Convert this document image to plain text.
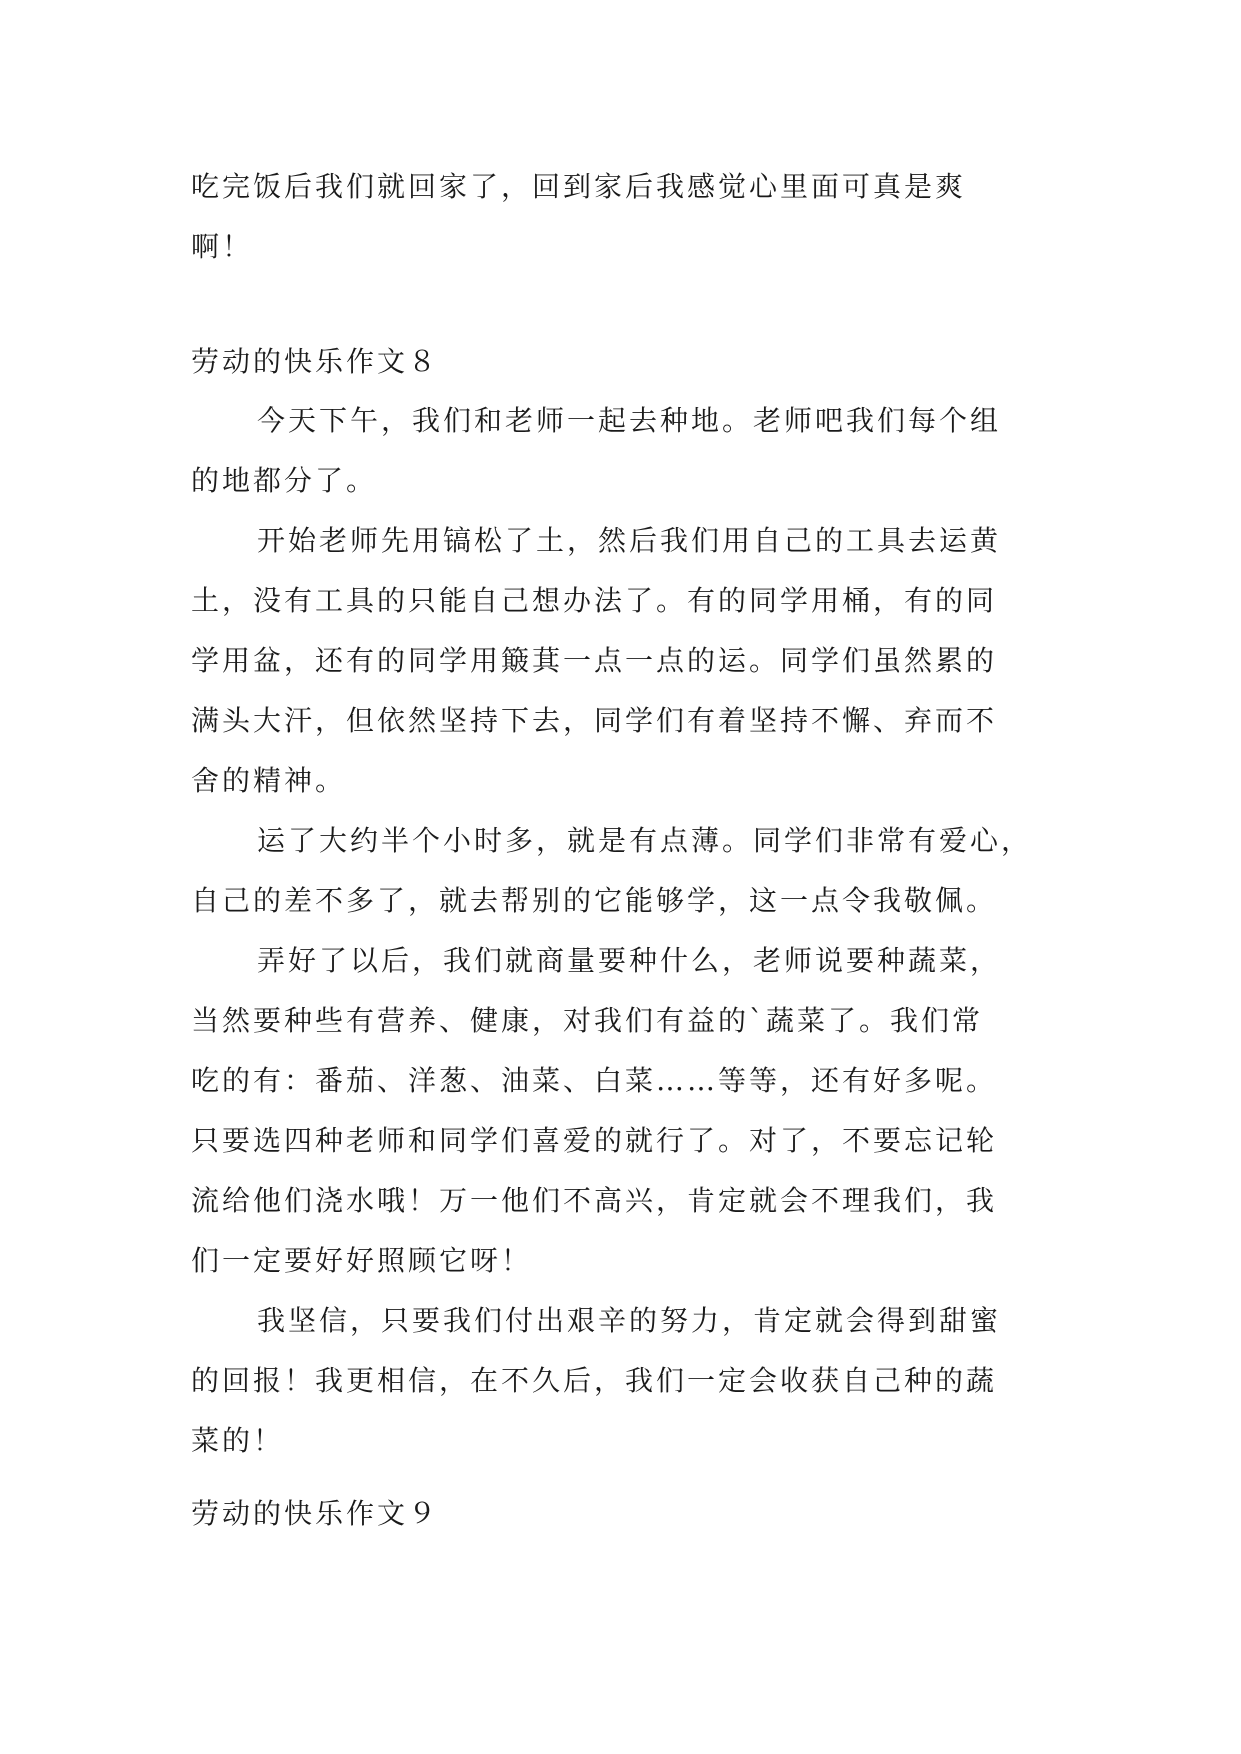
吃完饭后我们就回家了，回到家后我感觉心里面可真是爽
啊！
劳动的快乐作文８
今天下午，我们和老师一起去种地。老师吧我们每个组
的地都分了。
开始老师先用镐松了土，然后我们用自己的工具去运黄
土，没有工具的只能自己想办法了。有的同学用桶，有的同
学用盆，还有的同学用簸萁一点一点的运。同学们虽然累的
满头大汗，但依然坚持下去，同学们有着坚持不懈、弃而不
舍的精神。
运了大约半个小时多，就是有点薄。同学们非常有爱心，
自己的差不多了，就去帮别的它能够学，这一点令我敬佩。
弄好了以后，我们就商量要种什么，老师说要种蔬菜，
当然要种些有营养、健康，对我们有益的`蔬菜了。我们常
吃的有：番茄、洋葱、油菜、白菜……等等，还有好多呢。
只要选四种老师和同学们喜爱的就行了。对了，不要忘记轮
流给他们浇水哦！万一他们不高兴，肯定就会不理我们，我
们一定要好好照顾它呀！
我坚信，只要我们付出艰辛的努力，肯定就会得到甜蜜
的回报！我更相信，在不久后，我们一定会收获自己种的蔬
菜的！
劳动的快乐作文９
